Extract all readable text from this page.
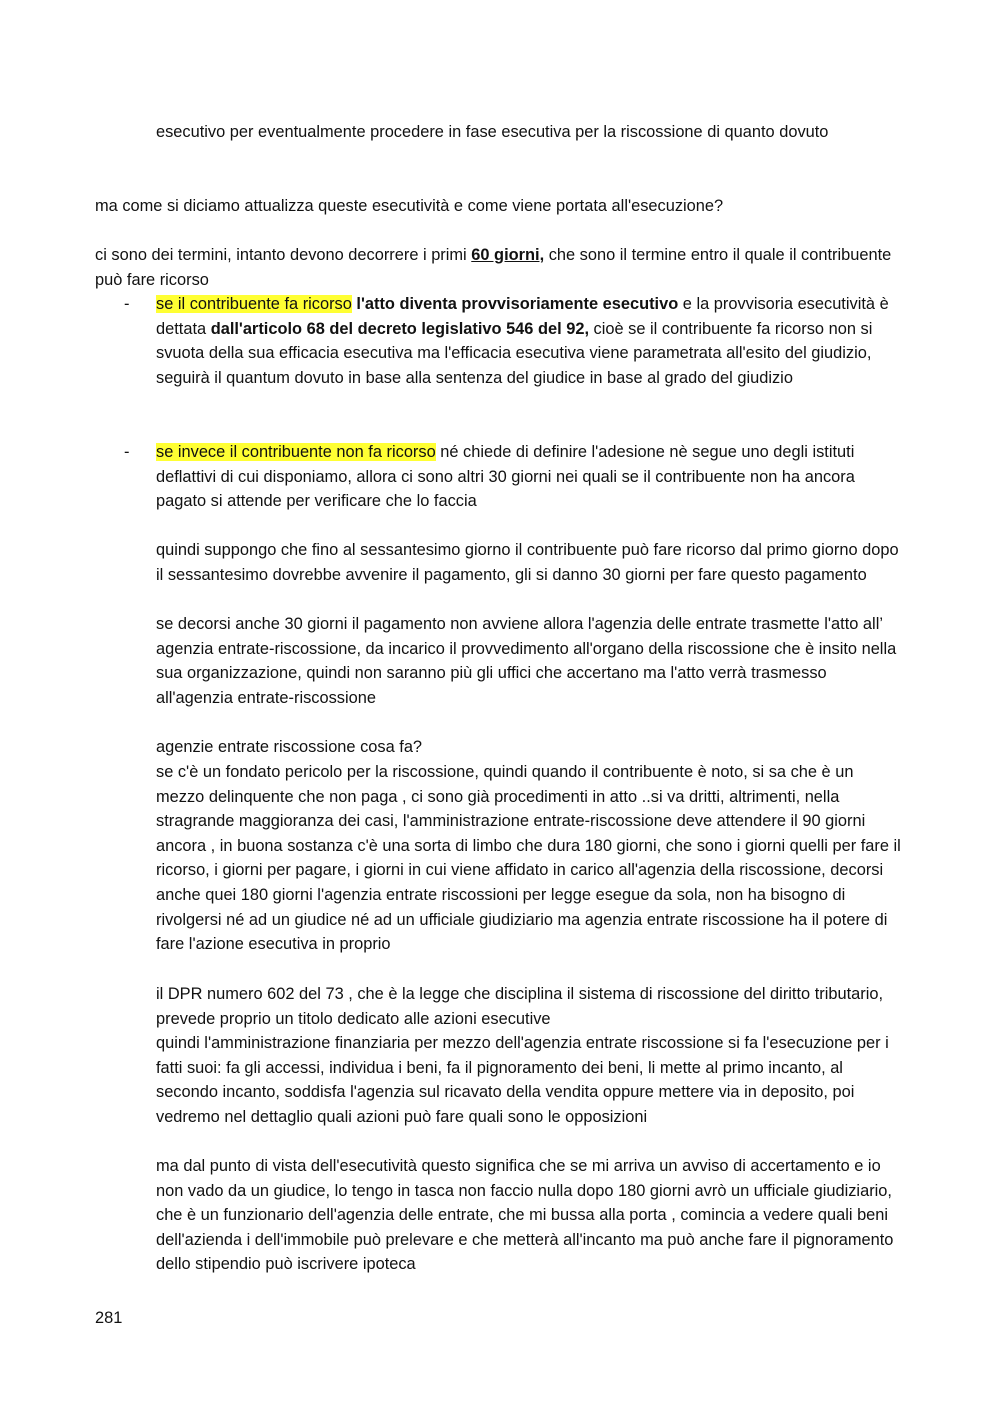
esecutivo per eventualmente procedere in fase esecutiva per la riscossione di quanto dovuto

ma come si diciamo attualizza queste esecutività e come viene portata all'esecuzione?

ci sono dei termini, intanto devono decorrere i primi 60 giorni, che sono il termine entro il quale il contribuente può fare ricorso

- se il contribuente fa ricorso l'atto diventa provvisoriamente esecutivo e la provvisoria esecutività è dettata dall'articolo 68 del decreto legislativo 546 del 92, cioè se il contribuente fa ricorso non si svuota della sua efficacia esecutiva ma l'efficacia esecutiva viene parametrata all'esito del giudizio, seguirà il quantum dovuto in base alla sentenza del giudice in base al grado del giudizio

- se invece il contribuente non fa ricorso né chiede di definire l'adesione nè segue uno degli istituti deflattivi di cui disponiamo, allora ci sono altri 30 giorni nei quali se il contribuente non ha ancora pagato si attende per verificare che lo faccia

quindi suppongo che fino al sessantesimo giorno il contribuente può fare ricorso dal primo giorno dopo il sessantesimo dovrebbe avvenire il pagamento, gli si danno 30 giorni per fare questo pagamento

se decorsi anche 30 giorni il pagamento non avviene allora l'agenzia delle entrate trasmette l'atto all’ agenzia entrate-riscossione, da incarico il provvedimento all'organo della riscossione che è insito nella sua organizzazione, quindi non saranno più gli uffici che accertano ma l'atto verrà trasmesso all'agenzia entrate-riscossione

agenzie entrate riscossione cosa fa?

se c'è un fondato pericolo per la riscossione, quindi quando il contribuente è noto, si sa che è un mezzo delinquente che non paga , ci sono già procedimenti in atto ..si va dritti, altrimenti, nella stragrande maggioranza dei casi, l'amministrazione entrate-riscossione deve attendere il 90 giorni ancora , in buona sostanza c'è una sorta di limbo che dura 180 giorni, che sono i giorni quelli per fare il ricorso, i giorni per pagare, i giorni in cui viene affidato in carico all'agenzia della riscossione, decorsi anche quei 180 giorni l'agenzia entrate riscossioni per legge esegue da sola, non ha bisogno di rivolgersi né ad un giudice né ad un ufficiale giudiziario ma agenzia entrate riscossione ha il potere di fare l'azione esecutiva in proprio

il DPR numero 602 del 73 , che è la legge che disciplina il sistema di riscossione del diritto tributario, prevede proprio un titolo dedicato alle azioni esecutive

quindi l'amministrazione finanziaria per mezzo dell'agenzia entrate riscossione si fa l'esecuzione per i fatti suoi: fa gli accessi, individua i beni, fa il pignoramento dei beni, li mette al primo incanto, al secondo incanto, soddisfa l'agenzia sul ricavato della vendita oppure mettere via in deposito, poi vedremo nel dettaglio quali azioni può fare quali sono le opposizioni

ma dal punto di vista dell'esecutività questo significa che se mi arriva un avviso di accertamento e io non vado da un giudice, lo tengo in tasca non faccio nulla dopo 180 giorni avrò un ufficiale giudiziario, che è un funzionario dell'agenzia delle entrate, che mi bussa alla porta , comincia a vedere quali beni dell'azienda i dell'immobile può prelevare e che metterà all'incanto ma può anche fare il pignoramento dello stipendio può iscrivere ipoteca

281
